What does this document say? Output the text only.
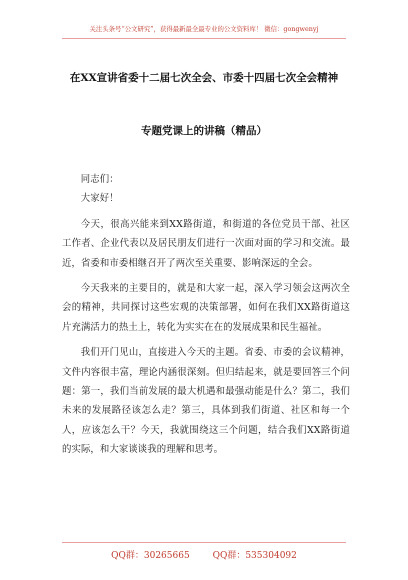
关注头条号“公文研究”，获得最新最全最专业的公文资料库！ 微信：gongwenyj
在XX宣讲省委十二届七次全会、市委十四届七次全会精神
专题党课上的讲稿（精品）

同志们：

大家好！

今天，很高兴能来到XX路街道，和街道的各位党员干部、社区工作者、企业代表以及居民朋友们进行一次面对面的学习和交流。最近，省委和市委相继召开了两次至关重要、影响深远的全会。

今天我来的主要目的，就是和大家一起，深入学习领会这两次全会的精神，共同探讨这些宏观的决策部署，如何在我们XX路街道这片充满活力的热土上，转化为实实在在的发展成果和民生福祉。

我们开门见山，直接进入今天的主题。省委、市委的会议精神，文件内容很丰富，理论内涵很深刻。但归结起来，就是要回答三个问题：第一，我们当前发展的最大机遇和最强动能是什么？第二，我们未来的发展路径该怎么走？第三，具体到我们街道、社区和每一个人，应该怎么干？今天，我就围绕这三个问题，结合我们XX路街道的实际，和大家谈谈我的理解和思考。

QQ群：30265665	QQ群：535304092
